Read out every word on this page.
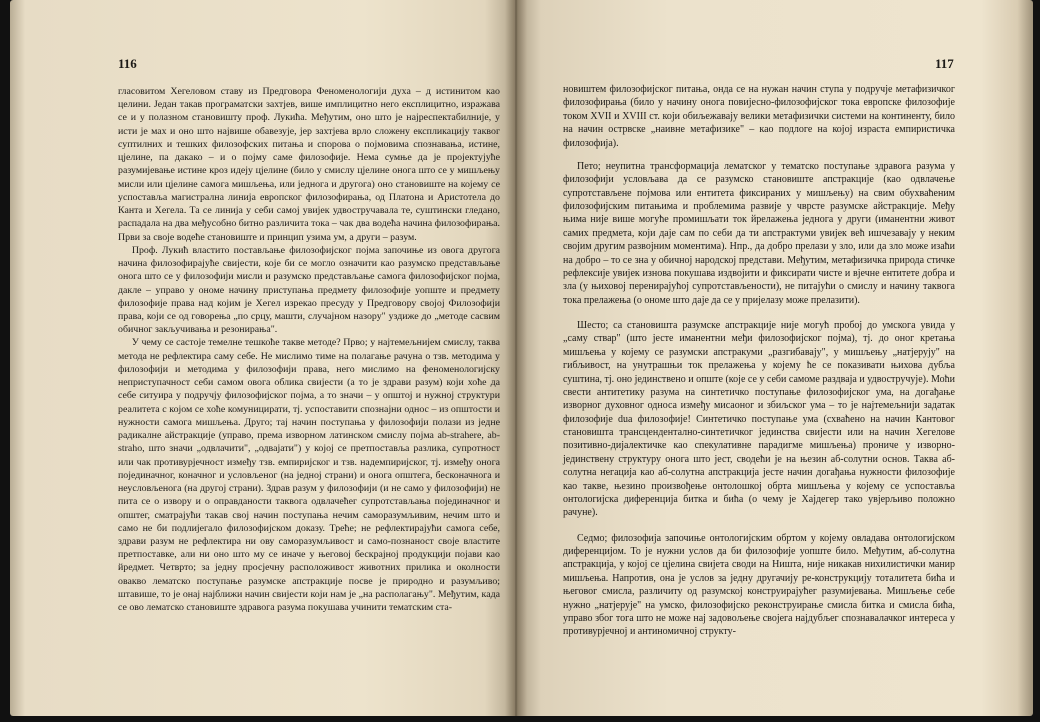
116

гласовитом Хегеловом ставу из Предговора Феноменологији духа – д истинитом као целини. Један такав програматски захтјев, више имплицитно него експлицитно, изражава се и у полазном становишту проф. Лукића. Међутим, оно што је најреспектабилније, у исти је мах и оно што највише обавезује, јер захтјева врло сложену експликацију таквог суптилних и тешких филозофских питања и спорова о појмовима спознавања, истине, цјелине, па дакако – и о појму саме филозофије. Нема сумње да је пројектујуће разумијевање истине кроз идеју цјелине (било у смислу цјелине онога што се у мишљењу мисли или цјелине самога мишљења, или једнога и другога) оно становиште на којему се успоставља магистрална линија европског филозофирања, од Платона и Аристотела до Канта и Хегела. Та се линија у себи самој увијек удвостручавала те, суштински гледано, распадала на два међусобно битно различита тока – чак два водећа начина филозофирања. Први за своје водеће становиште и принцип узима ум, а други – разум.

Проф. Лукић властито постављање филозофијског појма започиње из овога другога начина филозофирајуће свијести, које би се могло означити као разумско представљање онога што се у филозофији мисли и разумско представљање самога филозофијског појма, дакле – управо у ономе начину приступања предмету филозофије уопште и предмету филозофије права над којим је Хегел изрекао пресуду у Предговору својој Филозофији права, који се од говорења „по срцу, машти, случајном назору" уздиже до „методе сасвим обичног закључивања и резонирања".

У чему се састоје темелне тешкоће такве методе? Прво; у најтемељнијем смислу, таква метода не рефлектира саму себе. Не мислимо тиме на полагање рачуна о тзв. методима у филозофији и методима у филозофији права, него мислимо на феноменологијску неприступачност себи самом овога облика свијести (а то је здрави разум) који хоће да себе ситуира у подручју филозофијског појма, а то значи – у општој и нужној структури реалитета с којом се хоће комуницирати, тј. успоставити спознајни однос – из општости и нужности самога мишљења. Друго; тај начин поступања у филозофији полази из једне радикалне айстракције (управо, према изворном латинском смислу појма ab-strahere, ab-straho, што значи „одвлачити", „одвајати") у којој се претпоставља разлика, супротност или чак противурјечност између тзв. емпиријског и тзв. надемпиријског, тј. између онога појединачног, коначног и условљеног (на једној страни) и онога општега, бесконачнога и неусловљенога (на другој страни). Здрав разум у филозофији (и не само у филозофији) не пита се о извору и о оправданости таквога одвлачећег супротстављања појединачног и општег, сматрајући такав свој начин поступања нечим саморазумљивим, нечим што и само не би подлијегало филозофијском доказу. Треће; не рефлектирајући самога себе, здрави разум не рефлектира ни ову саморазумљивост и само-познаност своје властите претпоставке, али ни оно што му се иначе у његовој бескрајној продукцији појави као йредмет. Четврто; за једну просјечну расположивост животних прилика и околности овакво лематско поступање разумске апстракције посве је природно и разумљиво; штавише, то је онај најближи начин свијести који нам је „на располагању". Међутим, када се ово лематско становиште здравога разума покушава учинити тематским ста-

117

новиштем филозофијског питања, онда се на нужан начин ступа у подручје метафизичког филозофирања (било у начину онога повијесно-филозофијског тока европске филозофије током XVII и XVIII ст. који обиљежавају велики метафизички системи на континенту, било на начин острвске „наивне метафизике" – као подлоге на којој израста емпиристичка филозофија).

Пето; неупитна трансформација лематског у тематско поступање здравога разума у филозофији условљава да се разумско становиште апстракције (као одвлачење супротстављене појмова или ентитета фиксираних у мишљењу) на свим обухваћеним филозофијским питањима и проблемима развије у чврсте разумске айстракције. Међу њима није више могуће промишљати ток йрелажења једнога у други (иманентни живот самих предмета, који даје сам по себи да ти апстрактуми увијек већ ишчезавају у неким својим другим развојним моментима). Нпр., да добро прелази у зло, или да зло може изаћи на добро – то се зна у обичној народској представи. Међутим, метафизичка природа стичке рефлексије увијек изнова покушава издвојити и фиксирати чисте и вјечне ентитете добра и зла (у њиховој перенирајућој супротстављености), не питајући о смислу и начину таквога тока прелажења (о ономе што даје да се у пријелазу може прелазити).

Шесто; са становишта разумске апстракције није могућ пробој до умскога увида у „саму ствар" (што јесте иманентни међи филозофијског појма), тј. до оног кретања мишљења у којему се разумски апстракуми „разгибавају", у мишљењу „натјерују" на гибљивост, на унутрашњи ток прелажења у којему ће се показивати њихова дубља суштина, тј. оно јединствено и опште (које се у себи самоме раздваја и удвостручује). Моћи свести антитетику разума на синтетичко поступање филозофијског ума, на догађање изворног духовног односа између мисаоног и збиљског ума – то је најтемељнији задатак филозофије dua филозофије! Синтетичко поступање ума (схваћено на начин Кантовог становишта трансцендентално-синтетичког јединства свијести или на начин Хегелове позитивно-дијалектичке као спекулативне парадигме мишљења) прониче у изворно-јединствену структуру онога што јест, сводећи је на њезин аб-солутни основ. Таква аб-солутна негација као аб-солутна апстракција јесте начин догађања нужности филозофије као такве, њезино произвођење онтолошкој обрта мишљења у којему се успоставља онтологијска диференција битка и бића (о чему је Хајдегер тако увјерљиво положно рачуне).

Седмо; филозофија започиње онтологијским обртом у којему овладава онтологијском диференцијом. То је нужни услов да би филозофије уопште било. Међутим, аб-солутна апстракција, у којој се цјелина свијета своди на Ништа, није никакав нихилистички манир мишљења. Напротив, она је услов за једну другачију ре-конструкцију тоталитета бића и његовог смисла, различиту од разумској конструирајућег разумијевања. Мишљење себе нужно „натјерује" на умско, филозофијско реконструирање смисла битка и смисла бића, управо због тога што не може нај задовољење својега најдубљег спознавалачког интереса у противурјечној и антиномичној структу-
